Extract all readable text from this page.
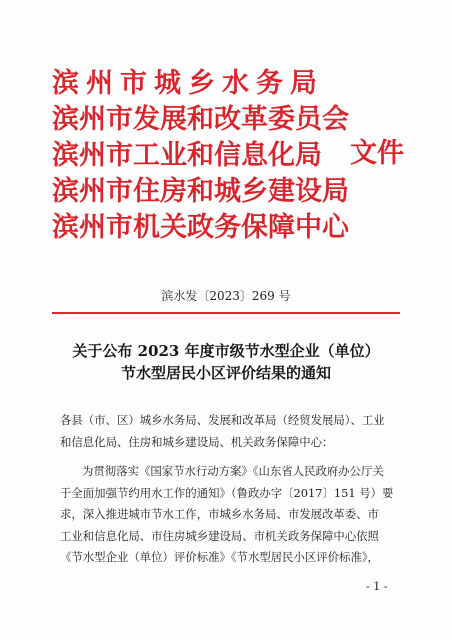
滨州市城乡水务局
滨州市发展和改革委员会
滨州市工业和信息化局
滨州市住房和城乡建设局
滨州市机关政务保障中心
文件
滨水发〔2023〕269 号
关于公布 2023 年度市级节水型企业（单位）
节水型居民小区评价结果的通知
各县（市、区）城乡水务局、发展和改革局（经贸发展局）、工业
和信息化局、住房和城乡建设局、机关政务保障中心：
为贯彻落实《国家节水行动方案》《山东省人民政府办公厅关
于全面加强节约用水工作的通知》（鲁政办字〔2017〕151 号）要
求，深入推进城市节水工作，市城乡水务局、市发展改革委、市
工业和信息化局、市住房城乡建设局、市机关政务保障中心依照
《节水型企业（单位）评价标准》《节水型居民小区评价标准》，
- 1 -
